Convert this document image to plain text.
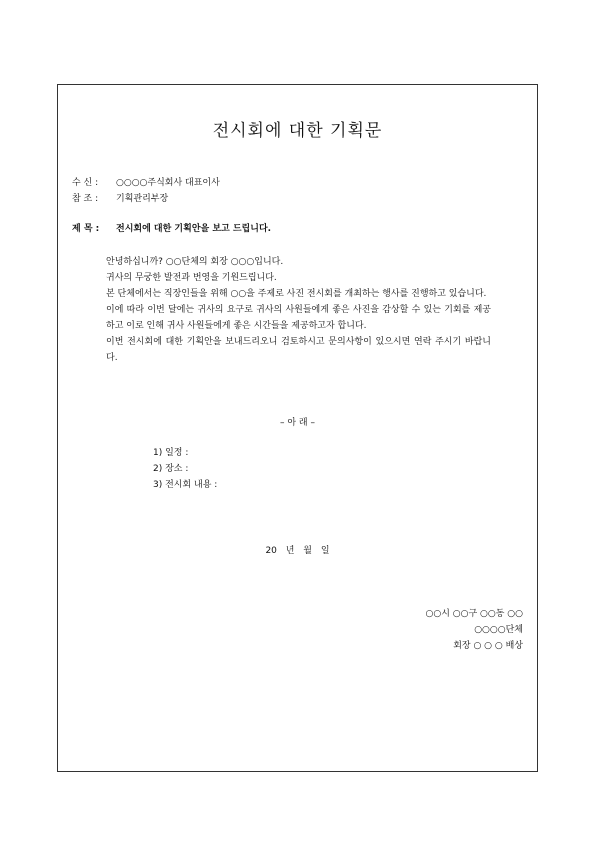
전시회에 대한 기획문
수 신 : ○○○○주식회사 대표이사
참 조 : 기획관리부장
제 목 : 전시회에 대한 기획안을 보고 드립니다.

안녕하십니까? ○○단체의 회장 ○○○입니다.

귀사의 무궁한 발전과 번영을 기원드립니다.

본 단체에서는 직장인들을 위해 ○○을 주제로 사진 전시회를 개최하는 행사를 진행하고 있습니다.

이에 따라 이번 달에는 귀사의 요구로 귀사의 사원들에게 좋은 사진을 감상할 수 있는 기회를 제공하고 이로 인해 귀사 사원들에게 좋은 시간들을 제공하고자 합니다.

이번 전시회에 대한 기획안을 보내드리오니 검토하시고 문의사항이 있으시면 연락 주시기 바랍니다.

– 아 래 –
1) 일정 :
2) 장소 :
3) 전시회 내용 :
20 년 월 일
○○시 ○○구 ○○동 ○○
○○○○단체
회장 ○ ○ ○ 배상
